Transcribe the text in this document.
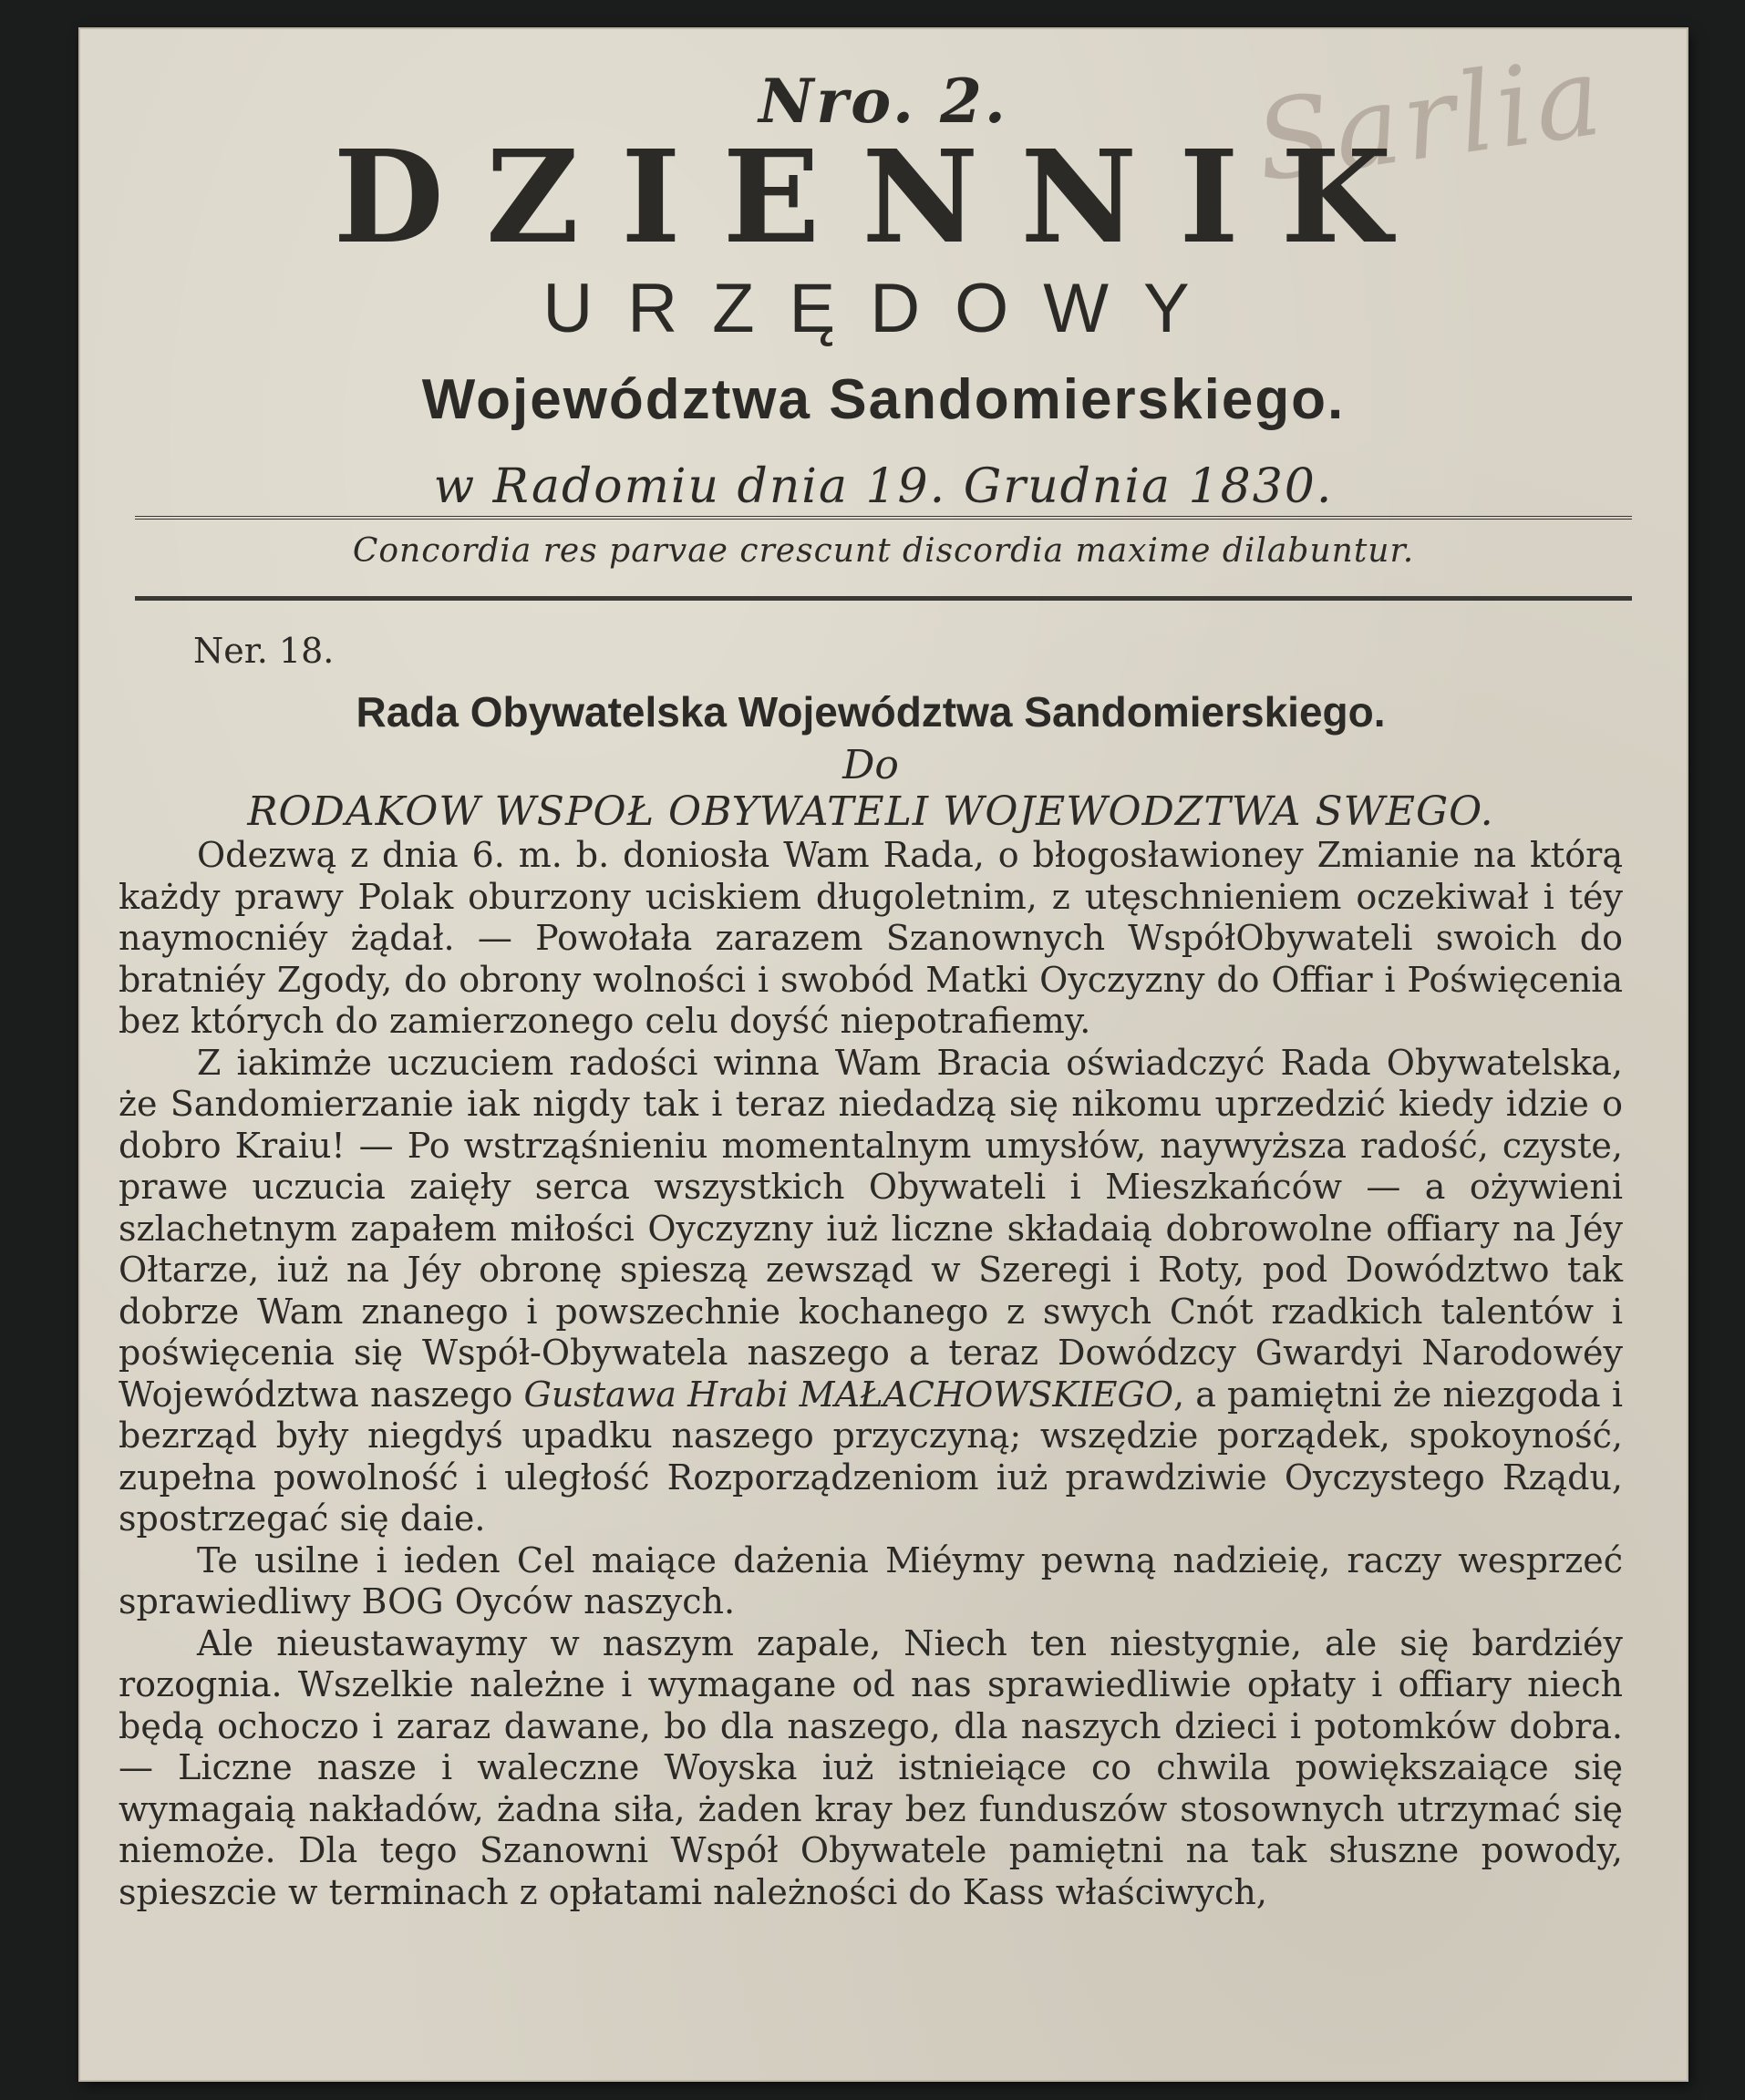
Sarlia
Nro. 2.
DZIENNIK
URZĘDOWY
Województwa Sandomierskiego.
w Radomiu dnia 19. Grudnia 1830.
Concordia res parvae crescunt discordia maxime dilabuntur.
Ner. 18.
Rada Obywatelska Województwa Sandomierskiego.
Do
RODAKOW WSPOŁ OBYWATELI WOJEWODZTWA SWEGO.

Odezwą z dnia 6. m. b. doniosła Wam Rada, o błogosławioney Zmianie na którą każdy prawy Polak oburzony uciskiem długoletnim, z utęschnieniem oczekiwał i téy naymocniéy żądał. — Powołała zarazem Szanownych WspółObywateli swoich do bratniéy Zgody, do obrony wolności i swobód Matki Oyczyzny do Offiar i Poświęcenia bez których do zamierzonego celu doyść niepotrafiemy.

Z iakimże uczuciem radości winna Wam Bracia oświadczyć Rada Obywatelska, że Sandomierzanie iak nigdy tak i teraz niedadzą się nikomu uprzedzić kiedy idzie o dobro Kraiu! — Po wstrząśnieniu momentalnym umysłów, naywyższa radość, czyste, prawe uczucia zaięły serca wszystkich Obywateli i Mieszkańców — a ożywieni szlachetnym zapałem miłości Oyczyzny iuż liczne składaią dobrowolne offiary na Jéy Ołtarze, iuż na Jéy obronę spieszą zewsząd w Szeregi i Roty, pod Dowództwo tak dobrze Wam znanego i powszechnie kochanego z swych Cnót rzadkich talentów i poświęcenia się Współ-Obywatela naszego a teraz Dowódzcy Gwardyi Narodowéy Województwa naszego Gustawa Hrabi MAŁACHOWSKIEGO, a pamiętni że niezgoda i bezrząd były niegdyś upadku naszego przyczyną; wszędzie porządek, spokoyność, zupełna powolność i uległość Rozporządzeniom iuż prawdziwie Oyczystego Rządu, spostrzegać się daie.

Te usilne i ieden Cel maiące dażenia Miéymy pewną nadzieię, raczy wesprzeć sprawiedliwy BOG Oyców naszych.

Ale nieustawaymy w naszym zapale, Niech ten niestygnie, ale się bardziéy rozognia. Wszelkie należne i wymagane od nas sprawiedliwie opłaty i offiary niech będą ochoczo i zaraz dawane, bo dla naszego, dla naszych dzieci i potomków dobra. — Liczne nasze i waleczne Woyska iuż istnieiące co chwila powiększaiące się wymagaią nakładów, żadna siła, żaden kray bez funduszów stosownych utrzymać się niemoże. Dla tego Szanowni Współ Obywatele pamiętni na tak słuszne powody, spieszcie w terminach z opłatami należności do Kass właściwych,
